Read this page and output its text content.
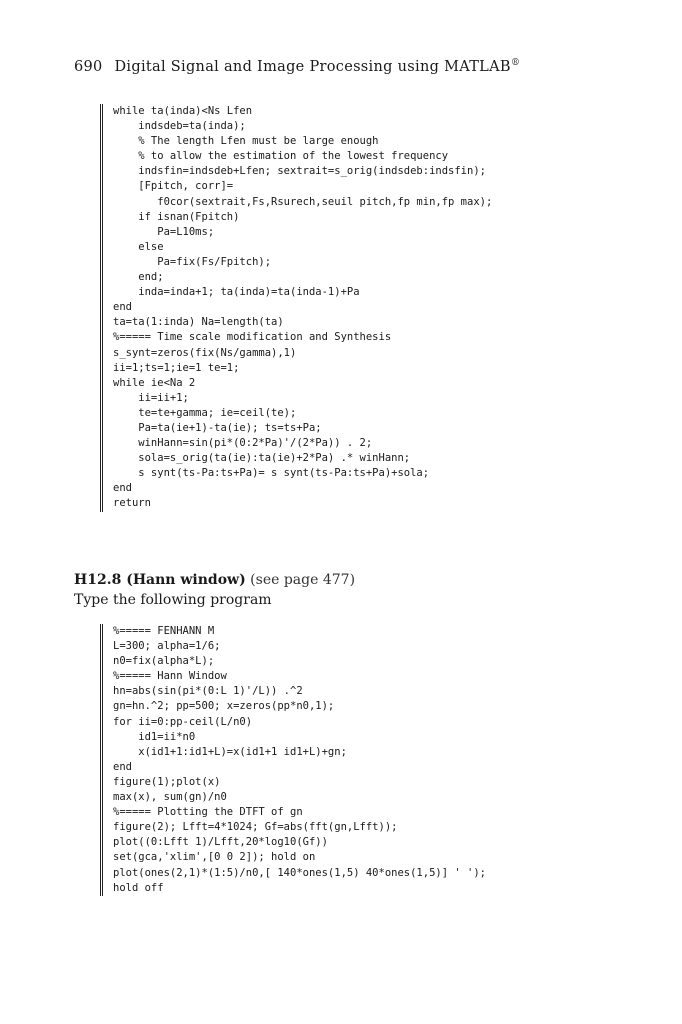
690 Digital Signal and Image Processing using MATLAB®
while ta(inda)<Ns Lfen
indsdeb=ta(inda);
% The length Lfen must be large enough
% to allow the estimation of the lowest frequency
indsfin=indsdeb+Lfen; sextrait=s_orig(indsdeb:indsfin);
[Fpitch, corr]=
f0cor(sextrait,Fs,Rsurech,seuil pitch,fp min,fp max);
if isnan(Fpitch)
Pa=L10ms;
else
Pa=fix(Fs/Fpitch);
end;
inda=inda+1; ta(inda)=ta(inda-1)+Pa
end
ta=ta(1:inda) Na=length(ta)
%===== Time scale modification and Synthesis
s_synt=zeros(fix(Ns/gamma),1)
ii=1;ts=1;ie=1 te=1;
while ie<Na 2
ii=ii+1;
te=te+gamma; ie=ceil(te);
Pa=ta(ie+1)-ta(ie); ts=ts+Pa;
winHann=sin(pi*(0:2*Pa)'/(2*Pa)) . 2;
sola=s_orig(ta(ie):ta(ie)+2*Pa) .* winHann;
s synt(ts-Pa:ts+Pa)= s synt(ts-Pa:ts+Pa)+sola;
end
return
H12.8 (Hann window) (see page 477)
Type the following program
%===== FENHANN M
L=300; alpha=1/6;
n0=fix(alpha*L);
%===== Hann Window
hn=abs(sin(pi*(0:L 1)'/L)) .^2
gn=hn.^2; pp=500; x=zeros(pp*n0,1);
for ii=0:pp-ceil(L/n0)
id1=ii*n0
x(id1+1:id1+L)=x(id1+1 id1+L)+gn;
end
figure(1);plot(x)
max(x), sum(gn)/n0
%===== Plotting the DTFT of gn
figure(2); Lfft=4*1024; Gf=abs(fft(gn,Lfft));
plot((0:Lfft 1)/Lfft,20*log10(Gf))
set(gca,'xlim',[0 0 2]); hold on
plot(ones(2,1)*(1:5)/n0,[ 140*ones(1,5) 40*ones(1,5)] ' ');
hold off
